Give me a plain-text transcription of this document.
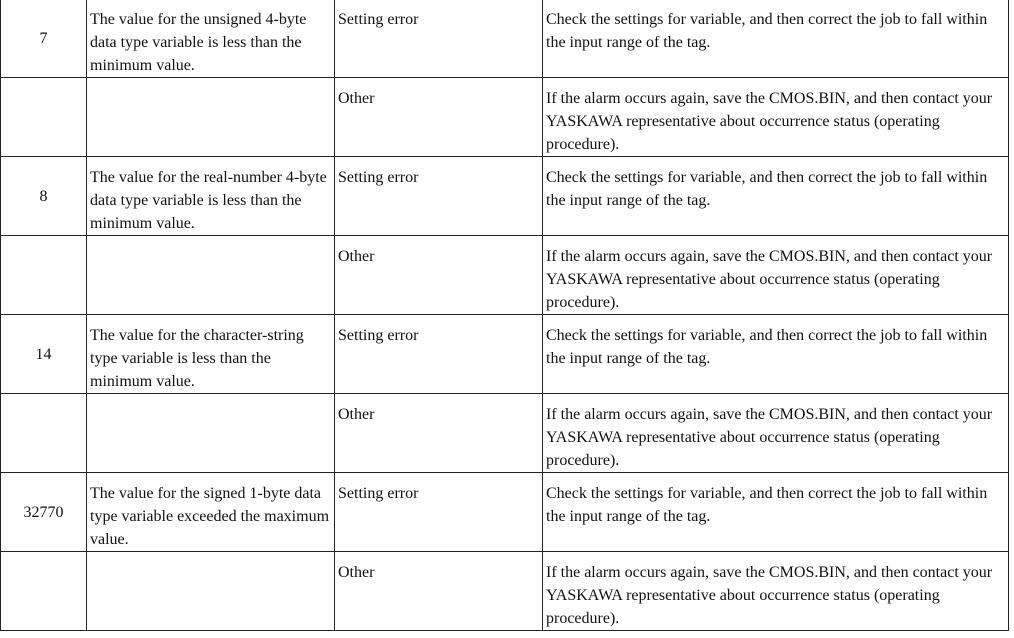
7	The value for the unsigned 4-byte data type variable is less than the minimum value.	Setting error	Check the settings for variable, and then correct the job to fall within the input range of the tag.
		Other	If the alarm occurs again, save the CMOS.BIN, and then contact your YASKAWA representative about occurrence status (operating procedure).
8	The value for the real-number 4-byte data type variable is less than the minimum value.	Setting error	Check the settings for variable, and then correct the job to fall within the input range of the tag.
		Other	If the alarm occurs again, save the CMOS.BIN, and then contact your YASKAWA representative about occurrence status (operating procedure).
14	The value for the character-string type variable is less than the minimum value.	Setting error	Check the settings for variable, and then correct the job to fall within the input range of the tag.
		Other	If the alarm occurs again, save the CMOS.BIN, and then contact your YASKAWA representative about occurrence status (operating procedure).
32770	The value for the signed 1-byte data type variable exceeded the maximum value.	Setting error	Check the settings for variable, and then correct the job to fall within the input range of the tag.
		Other	If the alarm occurs again, save the CMOS.BIN, and then contact your YASKAWA representative about occurrence status (operating procedure).
